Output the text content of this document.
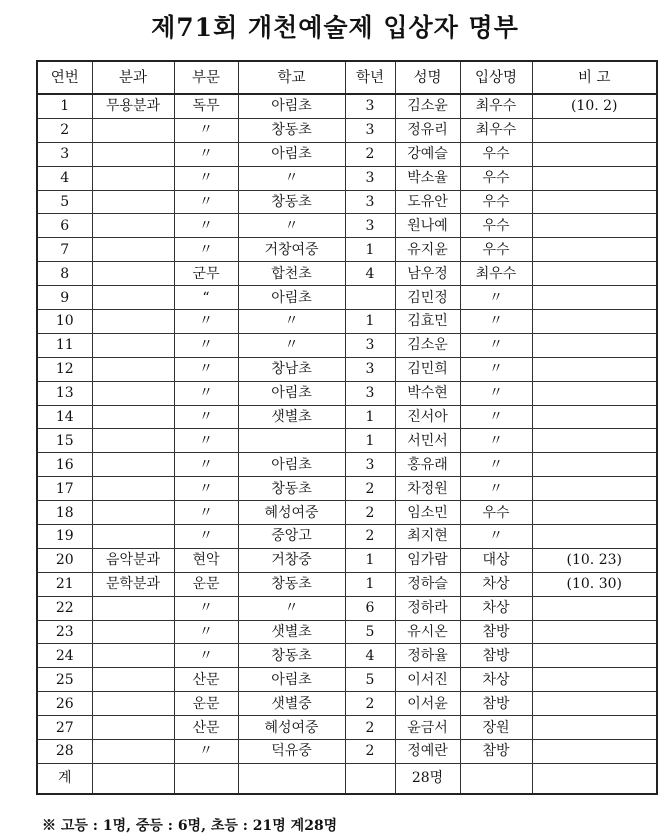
제71회 개천예술제 입상자 명부
연번	분과	부문	학교	학년	성명	입상명	비 고
1	무용분과	독무	아림초	3	김소윤	최우수	(10. 2)
2		〃	창동초	3	정유리	최우수	
3		〃	아림초	2	강예슬	우수	
4		〃	〃	3	박소율	우수	
5		〃	창동초	3	도유안	우수	
6		〃	〃	3	원나예	우수	
7		〃	거창여중	1	유지윤	우수	
8		군무	합천초	4	남우정	최우수	
9		“	아림초		김민정	〃	
10		〃	〃	1	김효민	〃	
11		〃	〃	3	김소운	〃	
12		〃	창남초	3	김민희	〃	
13		〃	아림초	3	박수현	〃	
14		〃	샛별초	1	진서아	〃	
15		〃		1	서민서	〃	
16		〃	아림초	3	홍유래	〃	
17		〃	창동초	2	차정원	〃	
18		〃	혜성여중	2	임소민	우수	
19		〃	중앙고	2	최지현	〃	
20	음악분과	현악	거창중	1	임가람	대상	(10. 23)
21	문학분과	운문	창동초	1	정하슬	차상	(10. 30)
22		〃	〃	6	정하라	차상	
23		〃	샛별초	5	유시온	참방	
24		〃	창동초	4	정하율	참방	
25		산문	아림초	5	이서진	차상	
26		운문	샛별중	2	이서윤	참방	
27		산문	혜성여중	2	윤금서	장원	
28		〃	덕유중	2	정예란	참방	
계					28명		
※ 고등 : 1명, 중등 : 6명, 초등 : 21명 계28명
